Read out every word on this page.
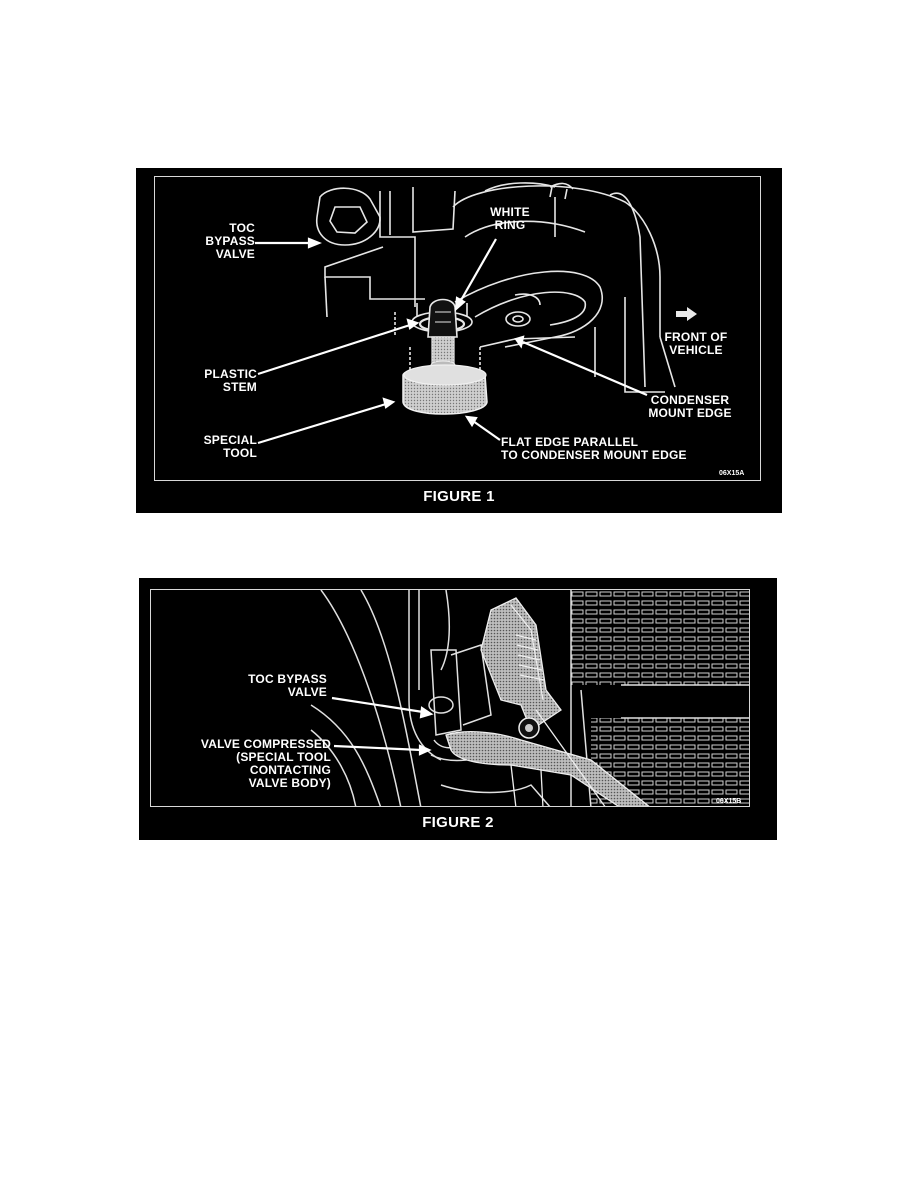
TOC
BYPASS
VALVE
WHITE
RING
PLASTIC
STEM
SPECIAL
TOOL
FRONT OF
VEHICLE
CONDENSER
MOUNT EDGE
FLAT EDGE PARALLEL
TO CONDENSER MOUNT EDGE
06X15A
FIGURE 1
TOC BYPASS
VALVE
VALVE COMPRESSED
(SPECIAL TOOL
CONTACTING
VALVE BODY)
06X15B
FIGURE 2
